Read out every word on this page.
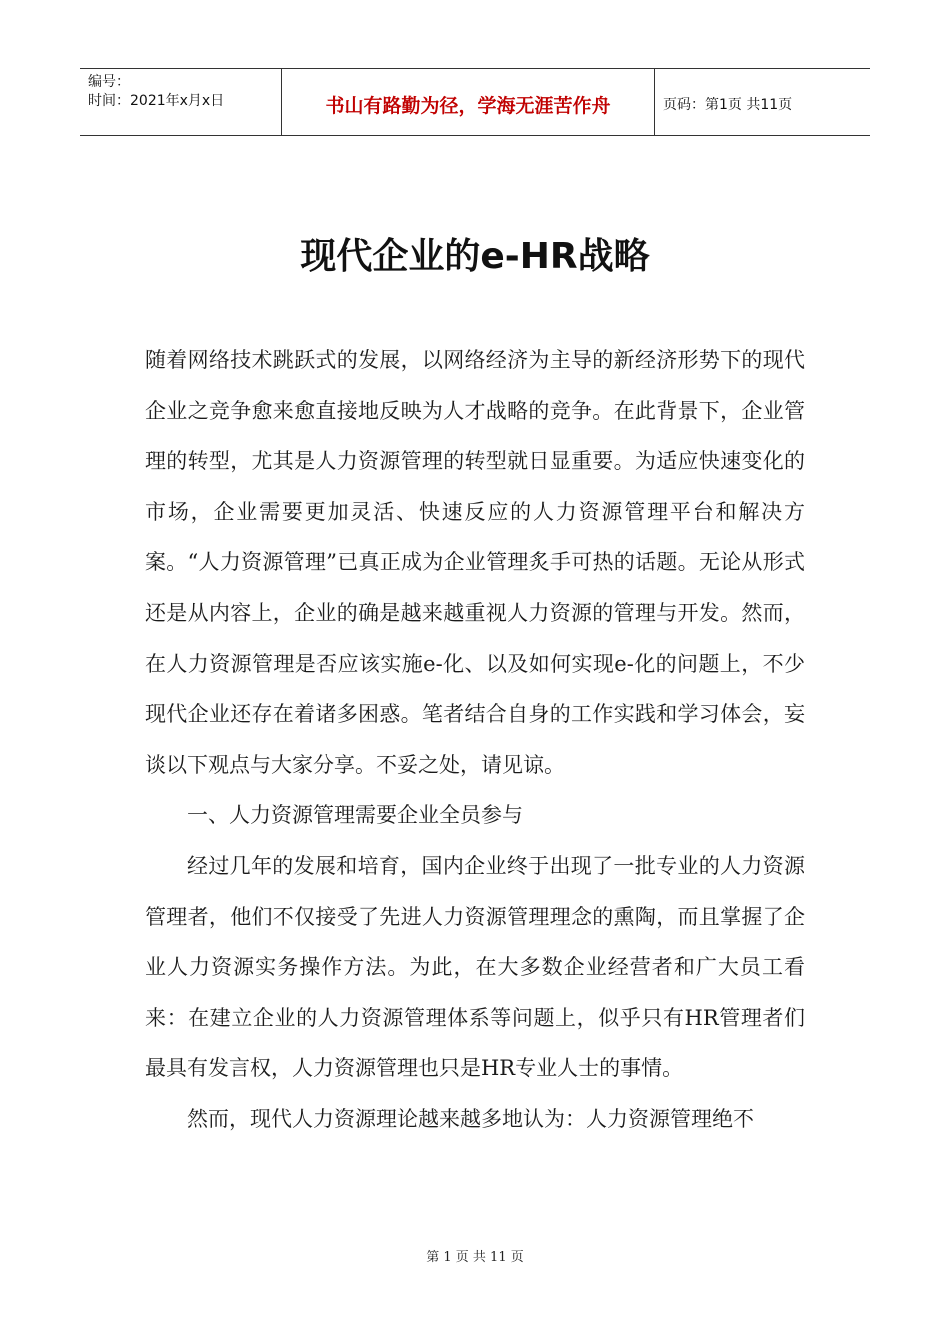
编号：
时间：2021年x月x日	书山有路勤为径，学海无涯苦作舟	页码：第1页 共11页
现代企业的e-HR战略

随着网络技术跳跃式的发展，以网络经济为主导的新经济形势下的现代企业之竞争愈来愈直接地反映为人才战略的竞争。在此背景下，企业管理的转型，尤其是人力资源管理的转型就日显重要。为适应快速变化的市场，企业需要更加灵活、快速反应的人力资源管理平台和解决方案。“人力资源管理”已真正成为企业管理炙手可热的话题。无论从形式还是从内容上，企业的确是越来越重视人力资源的管理与开发。然而，在人力资源管理是否应该实施e-化、以及如何实现e-化的问题上，不少现代企业还存在着诸多困惑。笔者结合自身的工作实践和学习体会，妄谈以下观点与大家分享。不妥之处，请见谅。

一、人力资源管理需要企业全员参与

经过几年的发展和培育，国内企业终于出现了一批专业的人力资源管理者，他们不仅接受了先进人力资源管理理念的熏陶，而且掌握了企业人力资源实务操作方法。为此，在大多数企业经营者和广大员工看来：在建立企业的人力资源管理体系等问题上，似乎只有HR管理者们最具有发言权，人力资源管理也只是HR专业人士的事情。

然而，现代人力资源理论越来越多地认为：人力资源管理绝不

第 1 页 共 11 页
